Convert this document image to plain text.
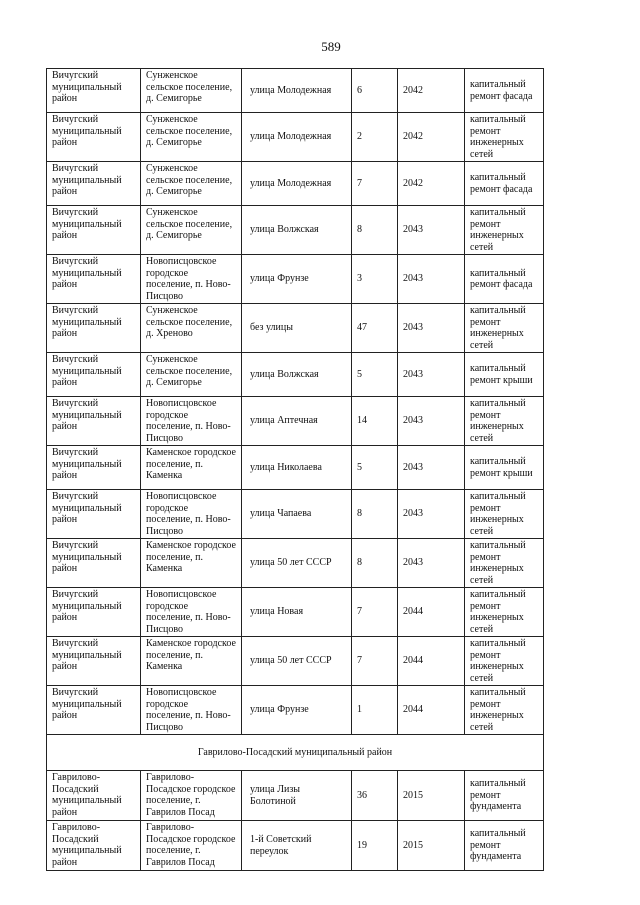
589
Вичугский муниципальный район	Сунженское сельское поселение, д. Семигорье	улица Молодежная	6	2042	капитальный ремонт фасада
Вичугский муниципальный район	Сунженское сельское поселение, д. Семигорье	улица Молодежная	2	2042	капитальный ремонт инженерных сетей
Вичугский муниципальный район	Сунженское сельское поселение, д. Семигорье	улица Молодежная	7	2042	капитальный ремонт фасада
Вичугский муниципальный район	Сунженское сельское поселение, д. Семигорье	улица Волжская	8	2043	капитальный ремонт инженерных сетей
Вичугский муниципальный район	Новописцовское городское поселение, п. Ново-Писцово	улица Фрунзе	3	2043	капитальный ремонт фасада
Вичугский муниципальный район	Сунженское сельское поселение, д. Хреново	без улицы	47	2043	капитальный ремонт инженерных сетей
Вичугский муниципальный район	Сунженское сельское поселение, д. Семигорье	улица Волжская	5	2043	капитальный ремонт крыши
Вичугский муниципальный район	Новописцовское городское поселение, п. Ново-Писцово	улица Аптечная	14	2043	капитальный ремонт инженерных сетей
Вичугский муниципальный район	Каменское городское поселение, п. Каменка	улица Николаева	5	2043	капитальный ремонт крыши
Вичугский муниципальный район	Новописцовское городское поселение, п. Ново-Писцово	улица Чапаева	8	2043	капитальный ремонт инженерных сетей
Вичугский муниципальный район	Каменское городское поселение, п. Каменка	улица 50 лет СССР	8	2043	капитальный ремонт инженерных сетей
Вичугский муниципальный район	Новописцовское городское поселение, п. Ново-Писцово	улица Новая	7	2044	капитальный ремонт инженерных сетей
Вичугский муниципальный район	Каменское городское поселение, п. Каменка	улица 50 лет СССР	7	2044	капитальный ремонт инженерных сетей
Вичугский муниципальный район	Новописцовское городское поселение, п. Ново-Писцово	улица Фрунзе	1	2044	капитальный ремонт инженерных сетей
Гаврилово-Посадский муниципальный район					
Гаврилово-Посадский муниципальный район	Гаврилово-Посадское городское поселение, г. Гаврилов Посад	улица Лизы Болотиной	36	2015	капитальный ремонт фундамента
Гаврилово-Посадский муниципальный район	Гаврилово-Посадское городское поселение, г. Гаврилов Посад	1-й Советский переулок	19	2015	капитальный ремонт фундамента
